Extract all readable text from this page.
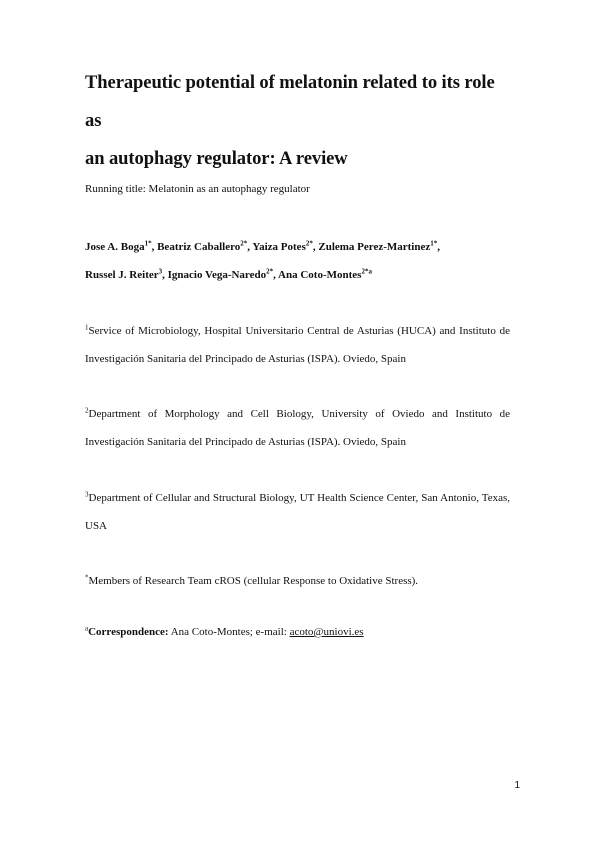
Therapeutic potential of melatonin related to its role as
an autophagy regulator: A review

Running title: Melatonin as an autophagy regulator

Jose A. Boga$^{1*}$, Beatriz Caballero$^{2*}$, Yaiza Potes$^{2*}$, Zulema Perez-Martinez$^{1*}$,
Russel J. Reiter$^3$, Ignacio Vega-Naredo$^{2*}$, Ana Coto-Montes$^{2*a}$

$^1$Service of Microbiology, Hospital Universitario Central de Asturias (HUCA) and Instituto de Investigación Sanitaria del Principado de Asturias (ISPA). Oviedo, Spain

$^2$Department of Morphology and Cell Biology, University of Oviedo and Instituto de Investigación Sanitaria del Principado de Asturias (ISPA). Oviedo, Spain

$^3$Department of Cellular and Structural Biology, UT Health Science Center, San Antonio, Texas, USA

*Members of Research Team cROS (cellular Response to Oxidative Stress).

$^a$Correspondence: Ana Coto-Montes; e-mail: acoto@uniovi.es

1
